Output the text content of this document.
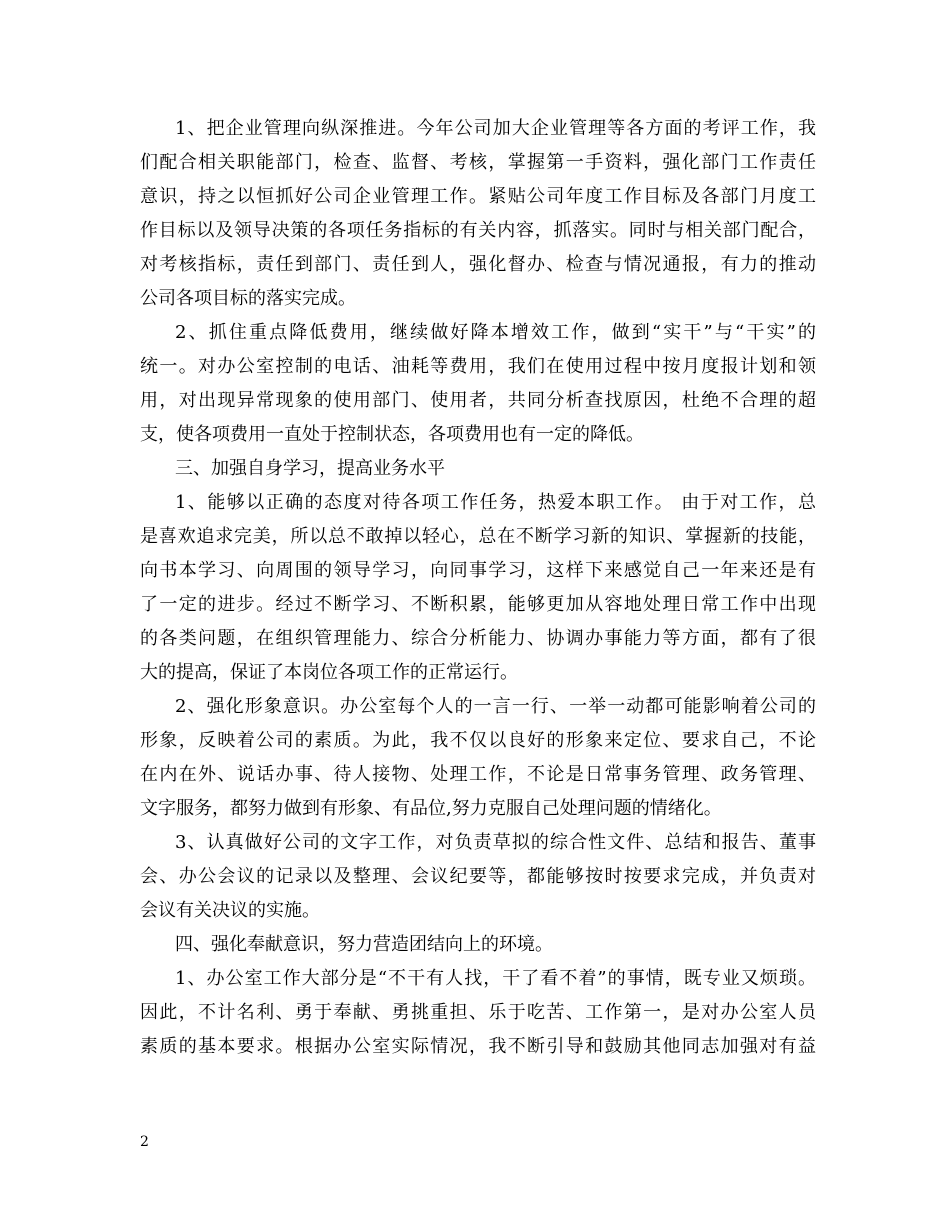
1、把企业管理向纵深推进。今年公司加大企业管理等各方面的考评工作，我
们配合相关职能部门，检查、监督、考核，掌握第一手资料，强化部门工作责任
意识，持之以恒抓好公司企业管理工作。紧贴公司年度工作目标及各部门月度工
作目标以及领导决策的各项任务指标的有关内容，抓落实。同时与相关部门配合，
对考核指标，责任到部门、责任到人，强化督办、检查与情况通报，有力的推动
公司各项目标的落实完成。
2、抓住重点降低费用，继续做好降本增效工作，做到“实干”与“干实”的
统一。对办公室控制的电话、油耗等费用，我们在使用过程中按月度报计划和领
用，对出现异常现象的使用部门、使用者，共同分析查找原因，杜绝不合理的超
支，使各项费用一直处于控制状态，各项费用也有一定的降低。
三、加强自身学习，提高业务水平
1、能够以正确的态度对待各项工作任务，热爱本职工作。 由于对工作，总
是喜欢追求完美，所以总不敢掉以轻心，总在不断学习新的知识、掌握新的技能，
向书本学习、向周围的领导学习，向同事学习，这样下来感觉自己一年来还是有
了一定的进步。经过不断学习、不断积累，能够更加从容地处理日常工作中出现
的各类问题，在组织管理能力、综合分析能力、协调办事能力等方面，都有了很
大的提高，保证了本岗位各项工作的正常运行。
2、强化形象意识。办公室每个人的一言一行、一举一动都可能影响着公司的
形象，反映着公司的素质。为此，我不仅以良好的形象来定位、要求自己，不论
在内在外、说话办事、待人接物、处理工作，不论是日常事务管理、政务管理、
文字服务，都努力做到有形象、有品位,努力克服自己处理问题的情绪化。
3、认真做好公司的文字工作，对负责草拟的综合性文件、总结和报告、董事
会、办公会议的记录以及整理、会议纪要等，都能够按时按要求完成，并负责对
会议有关决议的实施。
四、强化奉献意识，努力营造团结向上的环境。
1、办公室工作大部分是“不干有人找，干了看不着”的事情，既专业又烦琐。
因此，不计名利、勇于奉献、勇挑重担、乐于吃苦、工作第一，是对办公室人员
素质的基本要求。根据办公室实际情况，我不断引导和鼓励其他同志加强对有益
2
